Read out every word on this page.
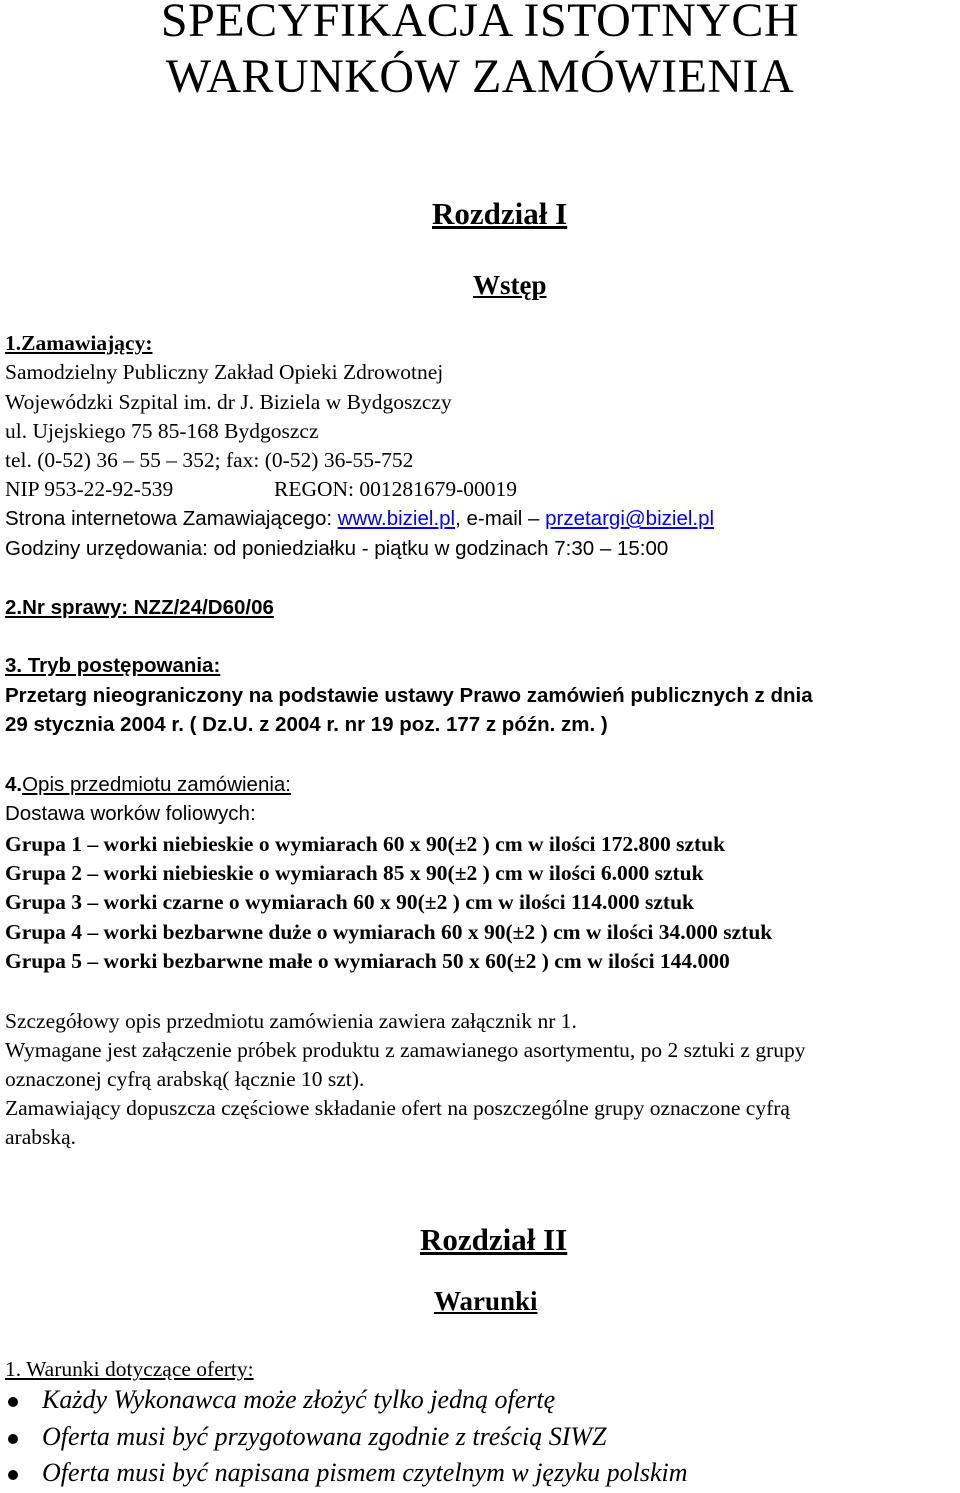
SPECYFIKACJA ISTOTNYCH
WARUNKÓW ZAMÓWIENIA
Rozdział I
Wstęp
1.Zamawiający:
Samodzielny Publiczny Zakład Opieki Zdrowotnej
Wojewódzki Szpital im. dr J. Biziela w Bydgoszczy
ul. Ujejskiego 75 85-168 Bydgoszcz
tel. (0-52) 36 – 55 – 352; fax: (0-52) 36-55-752
NIP 953-22-92-539	REGON: 001281679-00019
Strona internetowa Zamawiającego: www.biziel.pl, e-mail – przetargi@biziel.pl
Godziny urzędowania: od poniedziałku - piątku w godzinach 7:30 – 15:00
2.Nr sprawy: NZZ/24/D60/06
3. Tryb postępowania:
Przetarg nieograniczony na podstawie ustawy Prawo zamówień publicznych z dnia
29 stycznia 2004 r. ( Dz.U. z 2004 r. nr 19 poz. 177 z późn. zm. )
4.Opis przedmiotu zamówienia:
Dostawa worków foliowych:
Grupa 1 – worki niebieskie o wymiarach 60 x 90(±2 ) cm w ilości 172.800 sztuk
Grupa 2 – worki niebieskie o wymiarach 85 x 90(±2 ) cm w ilości 6.000 sztuk
Grupa 3 – worki czarne o wymiarach 60 x 90(±2 ) cm w ilości 114.000 sztuk
Grupa 4 – worki bezbarwne duże o wymiarach 60 x 90(±2 ) cm w ilości 34.000 sztuk
Grupa 5 – worki bezbarwne małe o wymiarach 50 x 60(±2 ) cm w ilości 144.000
Szczegółowy opis przedmiotu zamówienia zawiera załącznik nr 1.
Wymagane jest załączenie próbek produktu z zamawianego asortymentu, po 2 sztuki z grupy
oznaczonej cyfrą arabską( łącznie 10 szt).
Zamawiający dopuszcza częściowe składanie ofert na poszczególne grupy oznaczone cyfrą
arabską.
Rozdział II
Warunki
1. Warunki dotyczące oferty:
Każdy Wykonawca może złożyć tylko jedną ofertę
Oferta musi być przygotowana zgodnie z treścią SIWZ
Oferta musi być napisana pismem czytelnym w języku polskim
